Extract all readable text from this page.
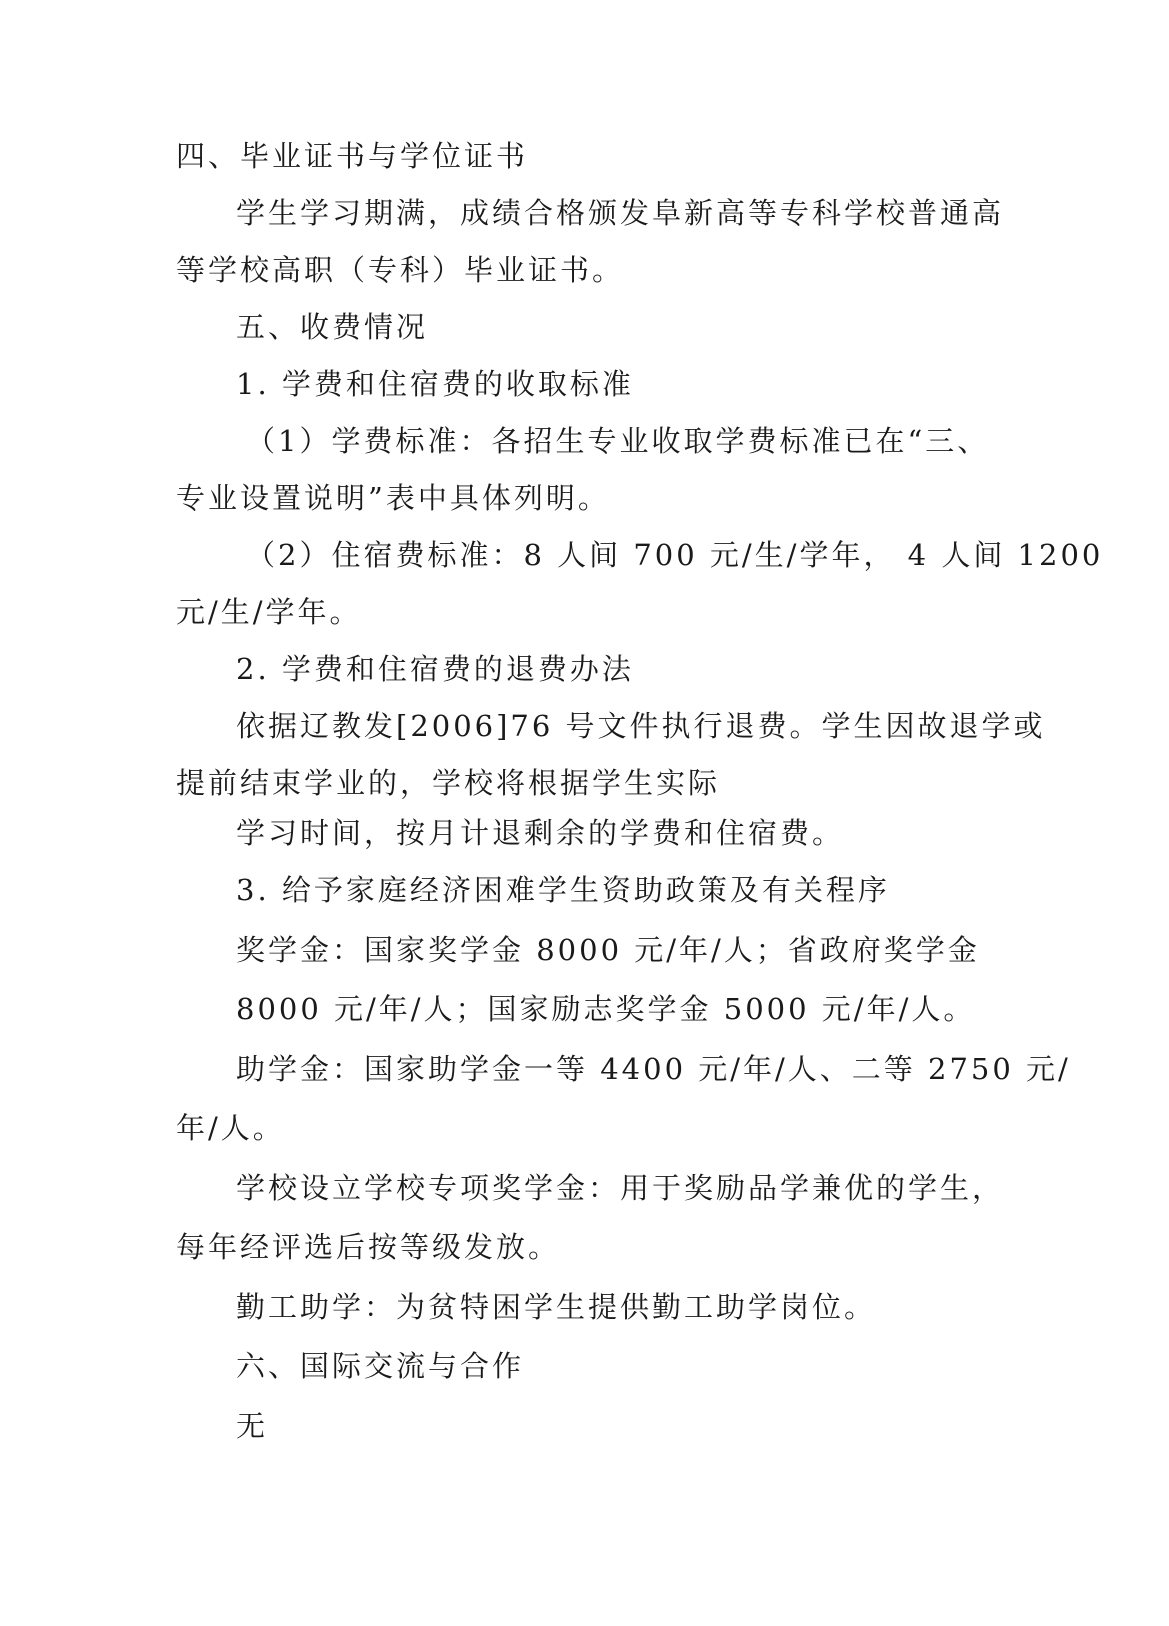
四、毕业证书与学位证书
学生学习期满，成绩合格颁发阜新高等专科学校普通高
等学校高职（专科）毕业证书。
五、收费情况
1. 学费和住宿费的收取标准
（1）学费标准：各招生专业收取学费标准已在“三、
专业设置说明”表中具体列明。
（2）住宿费标准：8 人间 700 元/生/学年， 4 人间 1200
元/生/学年。
2. 学费和住宿费的退费办法
依据辽教发[2006]76 号文件执行退费。学生因故退学或
提前结束学业的，学校将根据学生实际
学习时间，按月计退剩余的学费和住宿费。
3. 给予家庭经济困难学生资助政策及有关程序
奖学金：国家奖学金 8000 元/年/人；省政府奖学金
8000 元/年/人；国家励志奖学金 5000 元/年/人。
助学金：国家助学金一等 4400 元/年/人、二等 2750 元/
年/人。
学校设立学校专项奖学金：用于奖励品学兼优的学生，
每年经评选后按等级发放。
勤工助学：为贫特困学生提供勤工助学岗位。
六、国际交流与合作
无
